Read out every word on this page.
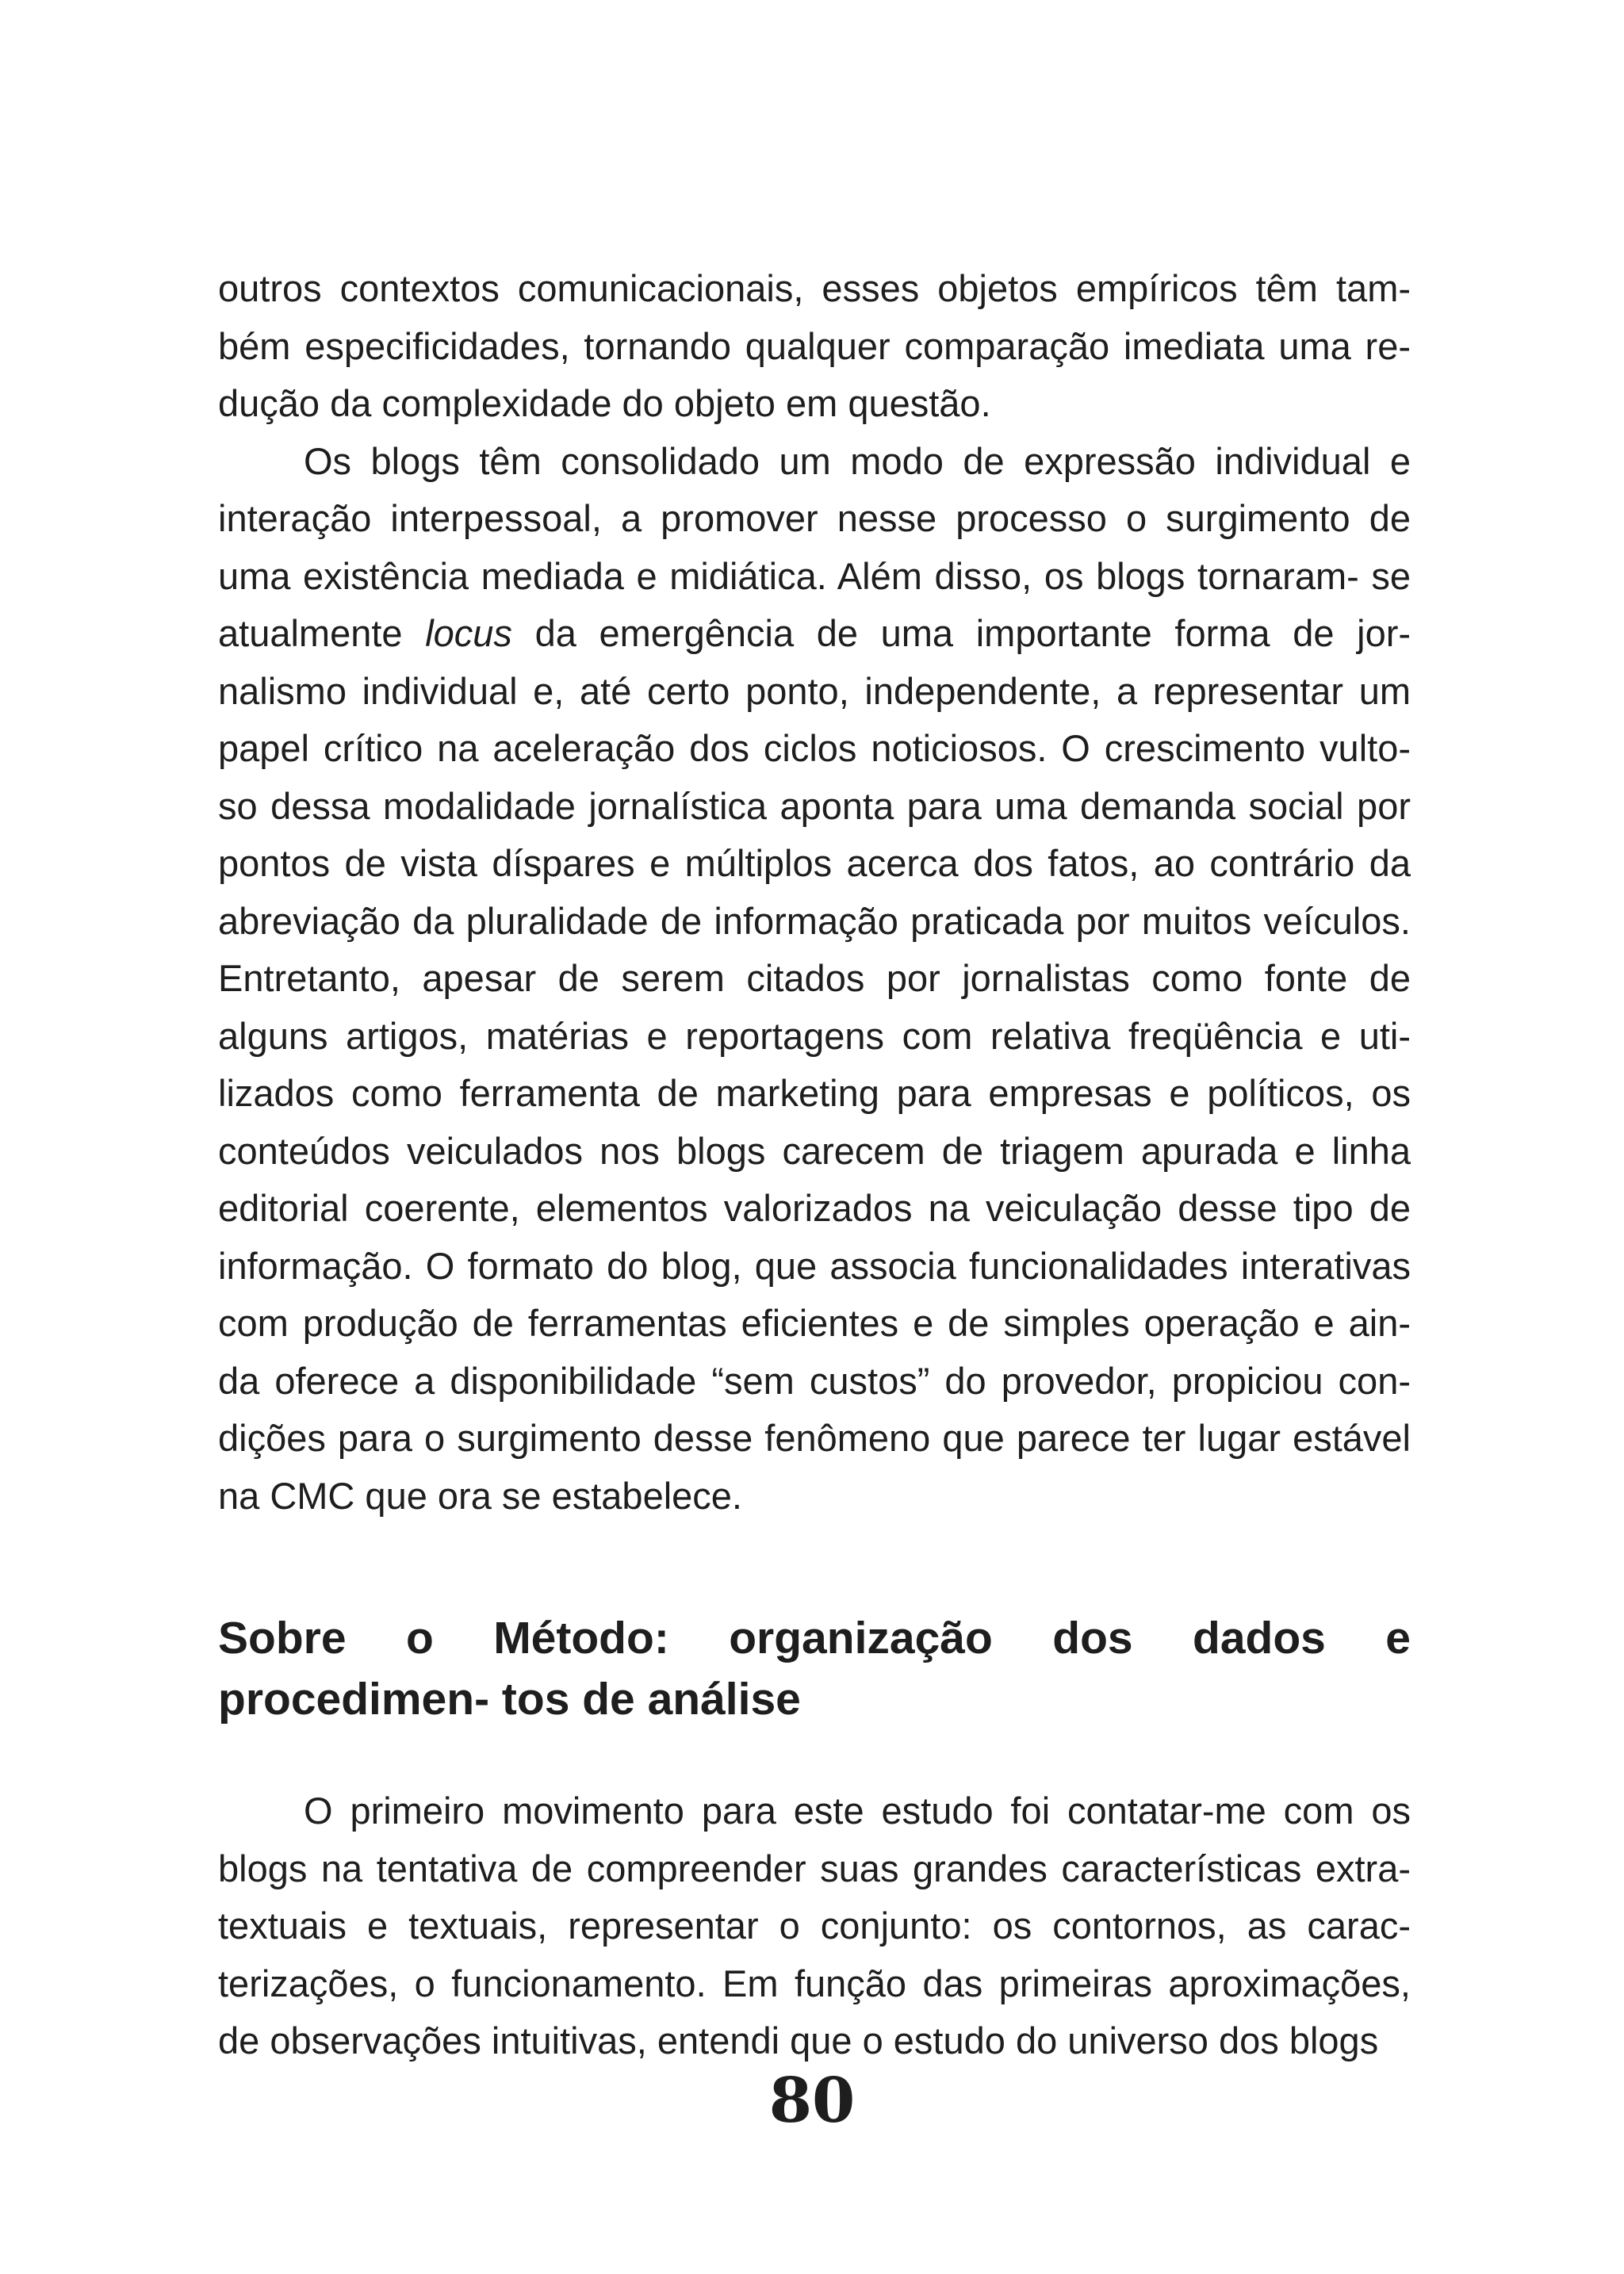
outros contextos comunicacionais, esses objetos empíricos têm tam- bém especificidades, tornando qualquer comparação imediata uma re- dução da complexidade do objeto em questão.

Os blogs têm consolidado um modo de expressão individual e interação interpessoal, a promover nesse processo o surgimento de uma existência mediada e midiática. Além disso, os blogs tornaram- se atualmente locus da emergência de uma importante forma de jor- nalismo individual e, até certo ponto, independente, a representar um papel crítico na aceleração dos ciclos noticiosos. O crescimento vulto- so dessa modalidade jornalística aponta para uma demanda social por pontos de vista díspares e múltiplos acerca dos fatos, ao contrário da abreviação da pluralidade de informação praticada por muitos veículos. Entretanto, apesar de serem citados por jornalistas como fonte de alguns artigos, matérias e reportagens com relativa freqüência e uti- lizados como ferramenta de marketing para empresas e políticos, os conteúdos veiculados nos blogs carecem de triagem apurada e linha editorial coerente, elementos valorizados na veiculação desse tipo de informação. O formato do blog, que associa funcionalidades interativas com produção de ferramentas eficientes e de simples operação e ain- da oferece a disponibilidade “sem custos” do provedor, propiciou con- dições para o surgimento desse fenômeno que parece ter lugar estável na CMC que ora se estabelece.

Sobre o Método: organização dos dados e procedimen- tos de análise

O primeiro movimento para este estudo foi contatar-me com os blogs na tentativa de compreender suas grandes características extra- textuais e textuais, representar o conjunto: os contornos, as carac- terizações, o funcionamento. Em função das primeiras aproximações, de observações intuitivas, entendi que o estudo do universo dos blogs

80
